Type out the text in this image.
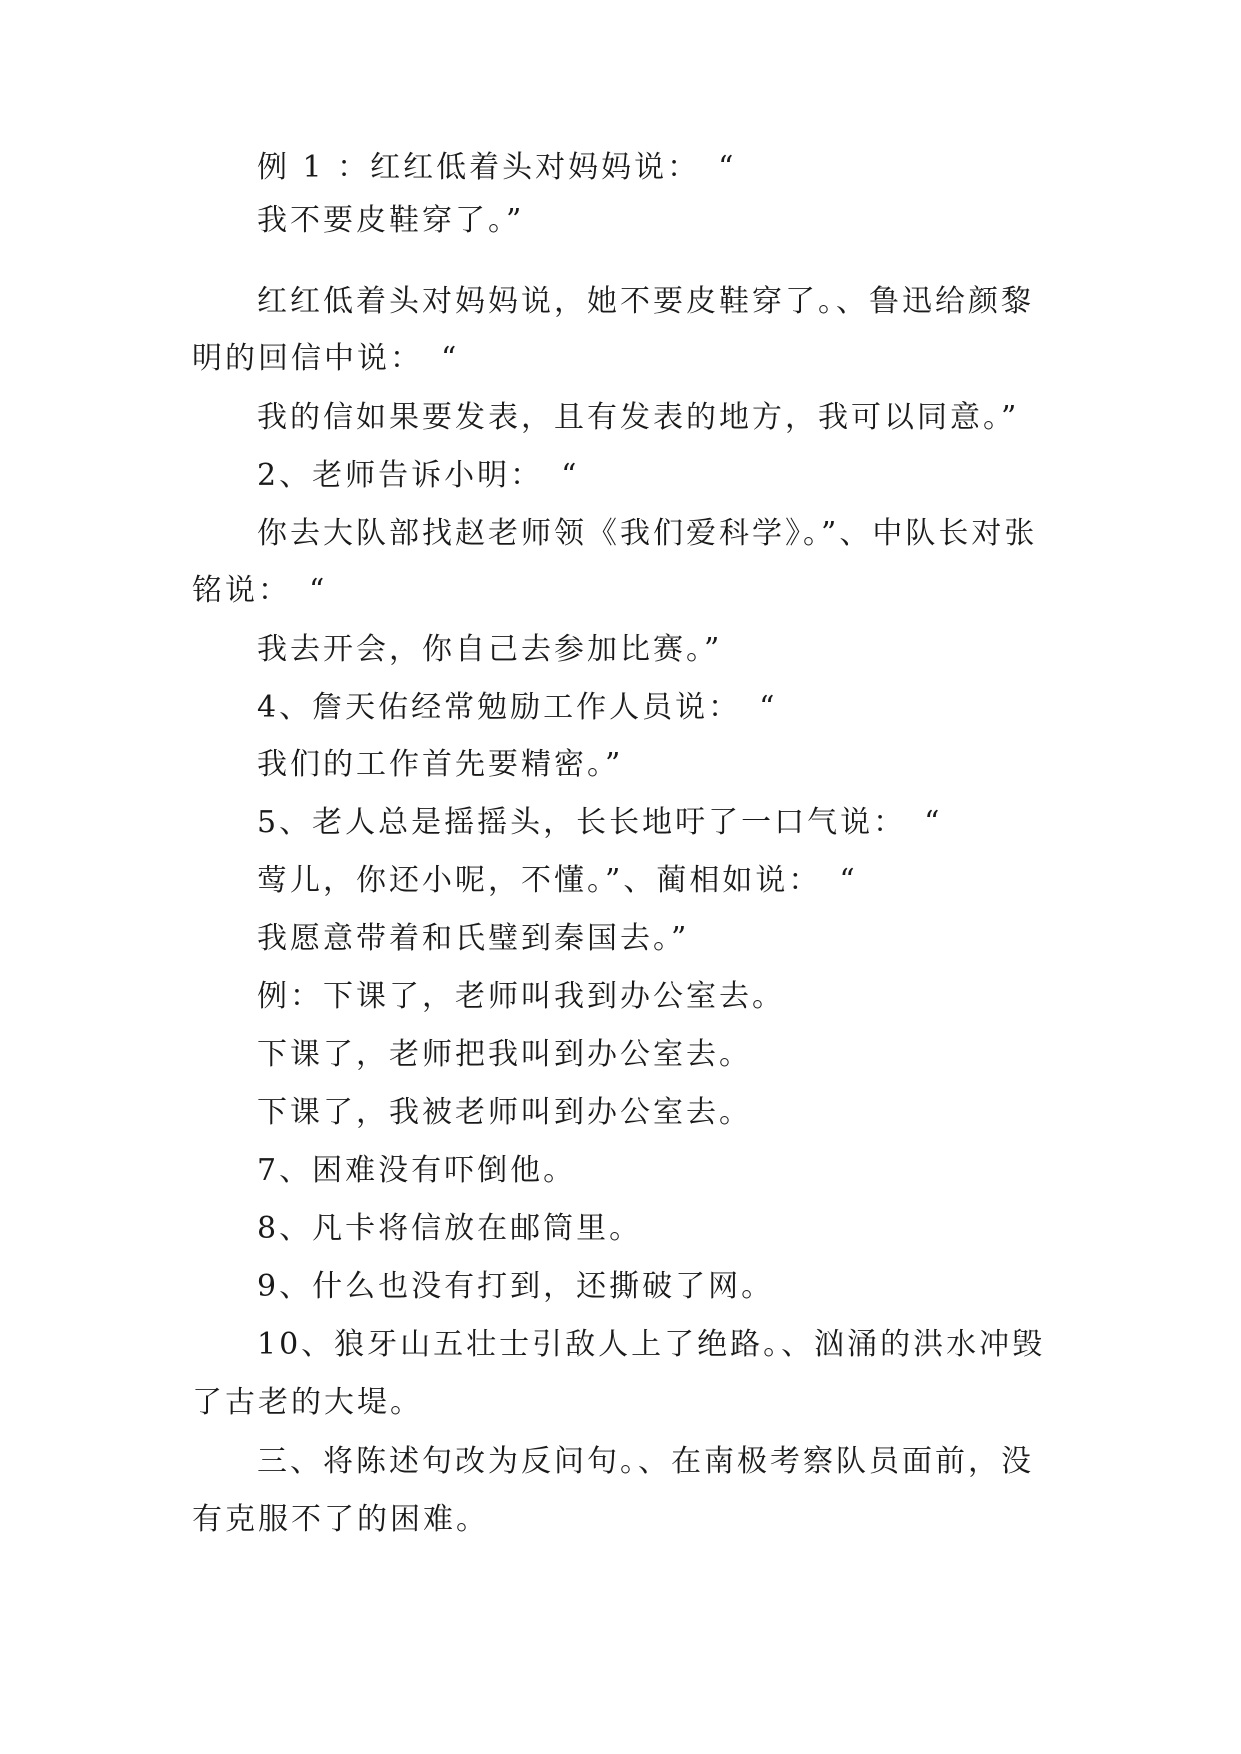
例 1 ：红红低着头对妈妈说：　“
我不要皮鞋穿了。”
红红低着头对妈妈说，她不要皮鞋穿了。、鲁迅给颜黎
明的回信中说：　“
我的信如果要发表，且有发表的地方，我可以同意。”
2、老师告诉小明：　“
你去大队部找赵老师领《我们爱科学》。”、中队长对张
铭说：　“
我去开会，你自己去参加比赛。”
4、詹天佑经常勉励工作人员说：　“
我们的工作首先要精密。”
5、老人总是摇摇头，长长地吁了一口气说：　“
莺儿，你还小呢，不懂。”、蔺相如说：　“
我愿意带着和氏璧到秦国去。”
例：下课了，老师叫我到办公室去。
下课了，老师把我叫到办公室去。
下课了，我被老师叫到办公室去。
7、困难没有吓倒他。
8、凡卡将信放在邮筒里。
9、什么也没有打到，还撕破了网。
10、狼牙山五壮士引敌人上了绝路。、汹涌的洪水冲毁
了古老的大堤。
三、将陈述句改为反问句。、在南极考察队员面前，没
有克服不了的困难。
